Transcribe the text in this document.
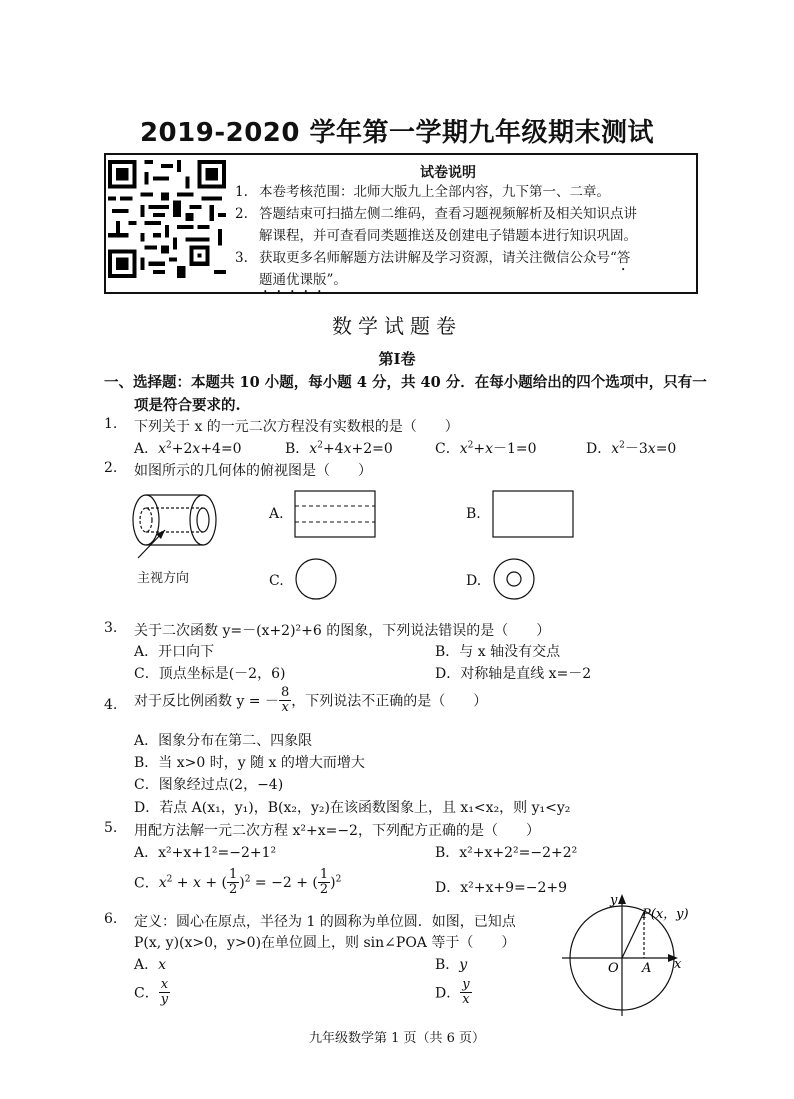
2019-2020 学年第一学期九年级期末测试
试卷说明
1. 本卷考核范围：北师大版九上全部内容，九下第一、二章。
2. 答题结束可扫描左侧二维码，查看习题视频解析及相关知识点讲
解课程，并可查看同类题推送及创建电子错题本进行知识巩固。
3. 获取更多名师解题方法讲解及学习资源，请关注微信公众号“答
题通优课版”。
数学试题卷
第Ⅰ卷
一、选择题：本题共 10 小题，每小题 4 分，共 40 分．在每小题给出的四个选项中，只有一
项是符合要求的.
1. 下列关于 x 的一元二次方程没有实数根的是（　　）
A．$x^2+2x+4=0$	B．$x^2+4x+2=0$	C．$x^2+x-1=0$	D．$x^2-3x=0$
2. 如图所示的几何体的俯视图是（　　）
主视方向
A.	B.
C.	D.
3. 关于二次函数 y=－(x+2)²+6 的图象，下列说法错误的是（　　）
A．开口向下	B．与 x 轴没有交点
C．顶点坐标是(－2，6)	D．对称轴是直线 x=－2
4. 对于反比例函数 y = － $\frac{8}{x}$ ，下列说法不正确的是（　　）
A．图象分布在第二、四象限
B．当 x>0 时，y 随 x 的增大而增大
C．图象经过点(2，−4)
D．若点 A(x₁，y₁)，B(x₂，y₂)在该函数图象上，且 x₁<x₂，则 y₁<y₂
5. 用配方法解一元二次方程 x²+x=−2，下列配方正确的是（　　）
A．x²+x+1²=−2+1²	B．x²+x+2²=−2+2²
C．$x^2 + x$ + ( $\frac{1}{2} )^2 = -2$ + ( $\frac{1}{2} )^2$
D．x²+x+9=−2+9
6. 定义：圆心在原点，半径为 1 的圆称为单位圆．如图，已知点
P(x, y)(x>0，y>0)在单位圆上，则 sin∠POA 等于（　　）
A．x	B．y
C． $\frac{x}{y}$	D． $\frac{y}{x}$
y
x
P(x，y)
O A
九年级数学第 1 页（共 6 页）
